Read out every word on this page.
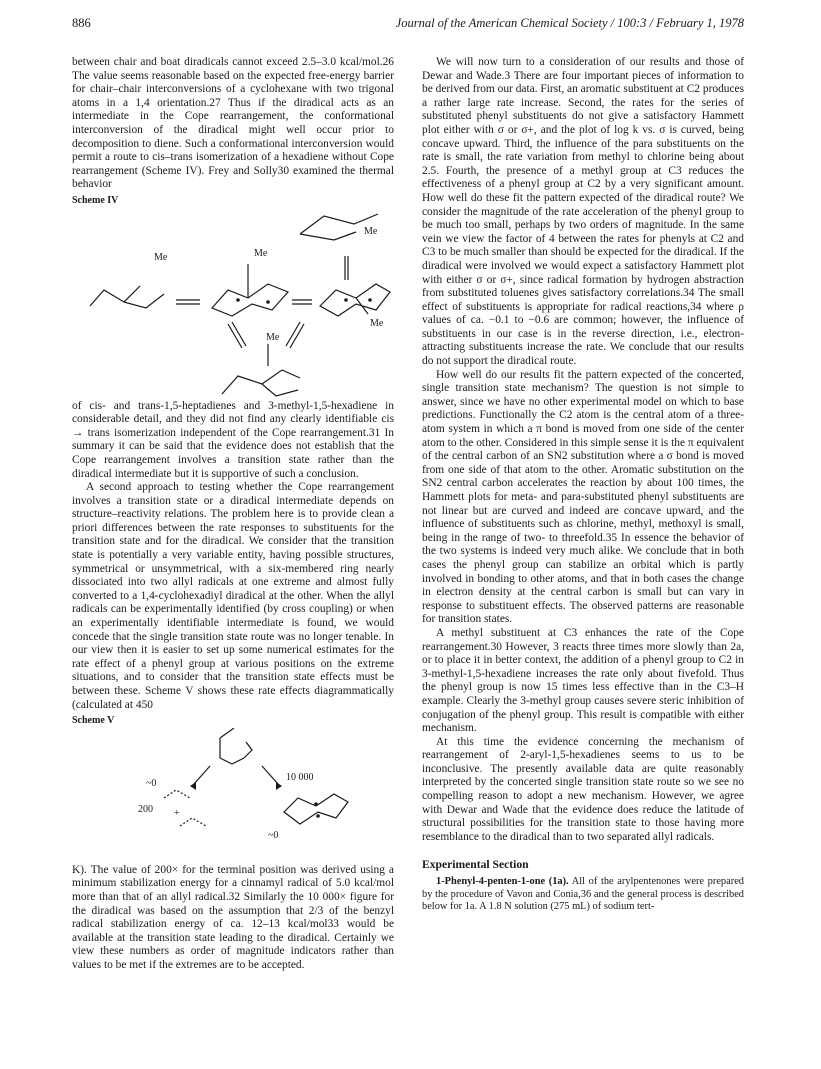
886	Journal of the American Chemical Society / 100:3 / February 1, 1978

between chair and boat diradicals cannot exceed 2.5–3.0 kcal/mol.26 The value seems reasonable based on the expected free-energy barrier for chair–chair interconversions of a cyclohexane with two trigonal atoms in a 1,4 orientation.27 Thus if the diradical acts as an intermediate in the Cope rearrangement, the conformational interconversion of the diradical might well occur prior to decomposition to diene. Such a conformational interconversion would permit a route to cis–trans isomerization of a hexadiene without Cope rearrangement (Scheme IV). Frey and Solly30 examined the thermal behavior

Scheme IV
Me
Me	Me
Me
Me

of cis- and trans-1,5-heptadienes and 3-methyl-1,5-hexadiene in considerable detail, and they did not find any clearly identifiable cis → trans isomerization independent of the Cope rearrangement.31 In summary it can be said that the evidence does not establish that the Cope rearrangement involves a transition state rather than the diradical intermediate but it is supportive of such a conclusion.

A second approach to testing whether the Cope rearrangement involves a transition state or a diradical intermediate depends on structure–reactivity relations. The problem here is to provide clean a priori differences between the rate responses to substituents for the transition state and for the diradical. We consider that the transition state is potentially a very variable entity, having possible structures, symmetrical or unsymmetrical, with a six-membered ring nearly dissociated into two allyl radicals at one extreme and almost fully converted to a 1,4-cyclohexadiyl diradical at the other. When the allyl radicals can be experimentally identified (by cross coupling) or when an experimentally identifiable intermediate is found, we would concede that the single transition state route was no longer tenable. In our view then it is easier to set up some numerical estimates for the rate effect of a phenyl group at various positions on the extreme situations, and to consider that the transition state effects must be between these. Scheme V shows these rate effects diagrammatically (calculated at 450

Scheme V
~0
200 +
10 000
~0

K). The value of 200× for the terminal position was derived using a minimum stabilization energy for a cinnamyl radical of 5.0 kcal/mol more than that of an allyl radical.32 Similarly the 10 000× figure for the diradical was based on the assumption that 2/3 of the benzyl radical stabilization energy of ca. 12–13 kcal/mol33 would be available at the transition state leading to the diradical. Certainly we view these numbers as order of magnitude indicators rather than values to be met if the extremes are to be accepted.

We will now turn to a consideration of our results and those of Dewar and Wade.3 There are four important pieces of information to be derived from our data. First, an aromatic substituent at C2 produces a rather large rate increase. Second, the rates for the series of substituted phenyl substituents do not give a satisfactory Hammett plot either with σ or σ+, and the plot of log k vs. σ is curved, being concave upward. Third, the influence of the para substituents on the rate is small, the rate variation from methyl to chlorine being about 2.5. Fourth, the presence of a methyl group at C3 reduces the effectiveness of a phenyl group at C2 by a very significant amount. How well do these fit the pattern expected of the diradical route? We consider the magnitude of the rate acceleration of the phenyl group to be much too small, perhaps by two orders of magnitude. In the same vein we view the factor of 4 between the rates for phenyls at C2 and C3 to be much smaller than should be expected for the diradical. If the diradical were involved we would expect a satisfactory Hammett plot with either σ or σ+, since radical formation by hydrogen abstraction from substituted toluenes gives satisfactory correlations.34 The small effect of substituents is appropriate for radical reactions,34 where ρ values of ca. −0.1 to −0.6 are common; however, the influence of substituents in our case is in the reverse direction, i.e., electron-attracting substituents increase the rate. We conclude that our results do not support the diradical route.

How well do our results fit the pattern expected of the concerted, single transition state mechanism? The question is not simple to answer, since we have no other experimental model on which to base predictions. Functionally the C2 atom is the central atom of a three-atom system in which a π bond is moved from one side of the center atom to the other. Considered in this simple sense it is the π equivalent of the central carbon of an SN2 substitution where a σ bond is moved from one side of that atom to the other. Aromatic substitution on the SN2 central carbon accelerates the reaction by about 100 times, the Hammett plots for meta- and para-substituted phenyl substituents are not linear but are curved and indeed are concave upward, and the influence of substituents such as chlorine, methyl, methoxyl is small, being in the range of two- to threefold.35 In essence the behavior of the two systems is indeed very much alike. We conclude that in both cases the phenyl group can stabilize an orbital which is partly involved in bonding to other atoms, and that in both cases the change in electron density at the central carbon is small but can vary in response to substituent effects. The observed patterns are reasonable for transition states.

A methyl substituent at C3 enhances the rate of the Cope rearrangement.30 However, 3 reacts three times more slowly than 2a, or to place it in better context, the addition of a phenyl group to C2 in 3-methyl-1,5-hexadiene increases the rate only about fivefold. Thus the phenyl group is now 15 times less effective than in the C3–H example. Clearly the 3-methyl group causes severe steric inhibition of conjugation of the phenyl group. This result is compatible with either mechanism.

At this time the evidence concerning the mechanism of rearrangement of 2-aryl-1,5-hexadienes seems to us to be inconclusive. The presently available data are quite reasonably interpreted by the concerted single transition state route so we see no compelling reason to adopt a new mechanism. However, we agree with Dewar and Wade that the evidence does reduce the latitude of structural possibilities for the transition state to those having more resemblance to the diradical than to two separated allyl radicals.

Experimental Section

1-Phenyl-4-penten-1-one (1a). All of the arylpentenones were prepared by the procedure of Vavon and Conia,36 and the general process is described below for 1a. A 1.8 N solution (275 mL) of sodium tert-
